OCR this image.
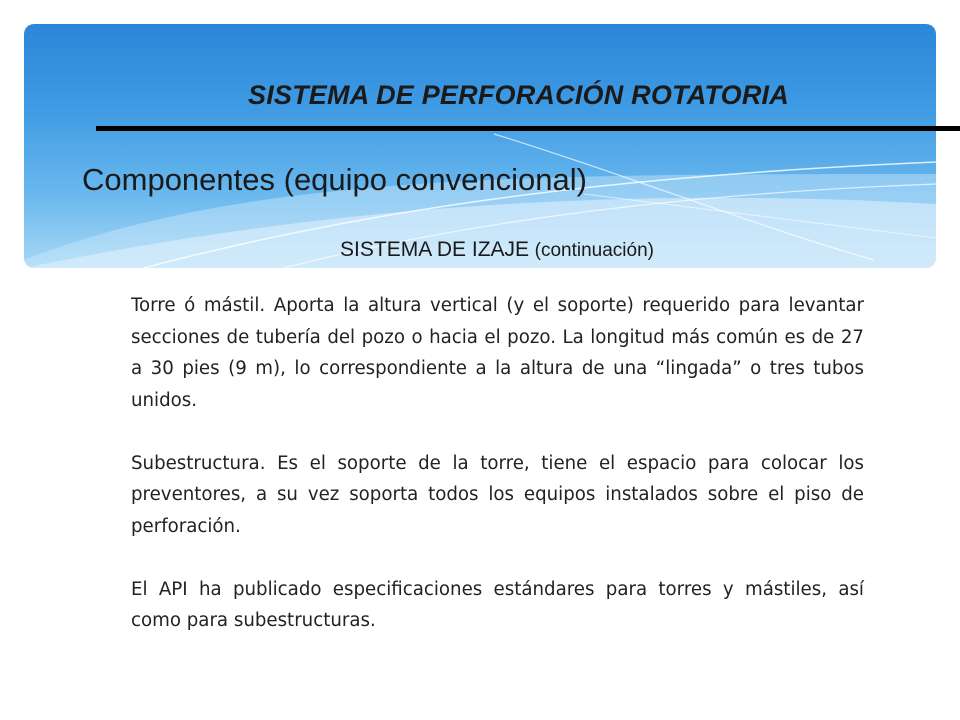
SISTEMA DE PERFORACIÓN ROTATORIA
Componentes (equipo convencional)
SISTEMA DE IZAJE (continuación)

Torre ó mástil. Aporta la altura vertical (y el soporte) requerido para levantar secciones de tubería del pozo o hacia el pozo. La longitud más común es de 27 a 30 pies (9 m), lo correspondiente a la altura de una “lingada” o tres tubos unidos.

Subestructura. Es el soporte de la torre, tiene el espacio para colocar los preventores, a su vez soporta todos los equipos instalados sobre el piso de perforación.

El API ha publicado especificaciones estándares para torres y mástiles, así como para subestructuras.
